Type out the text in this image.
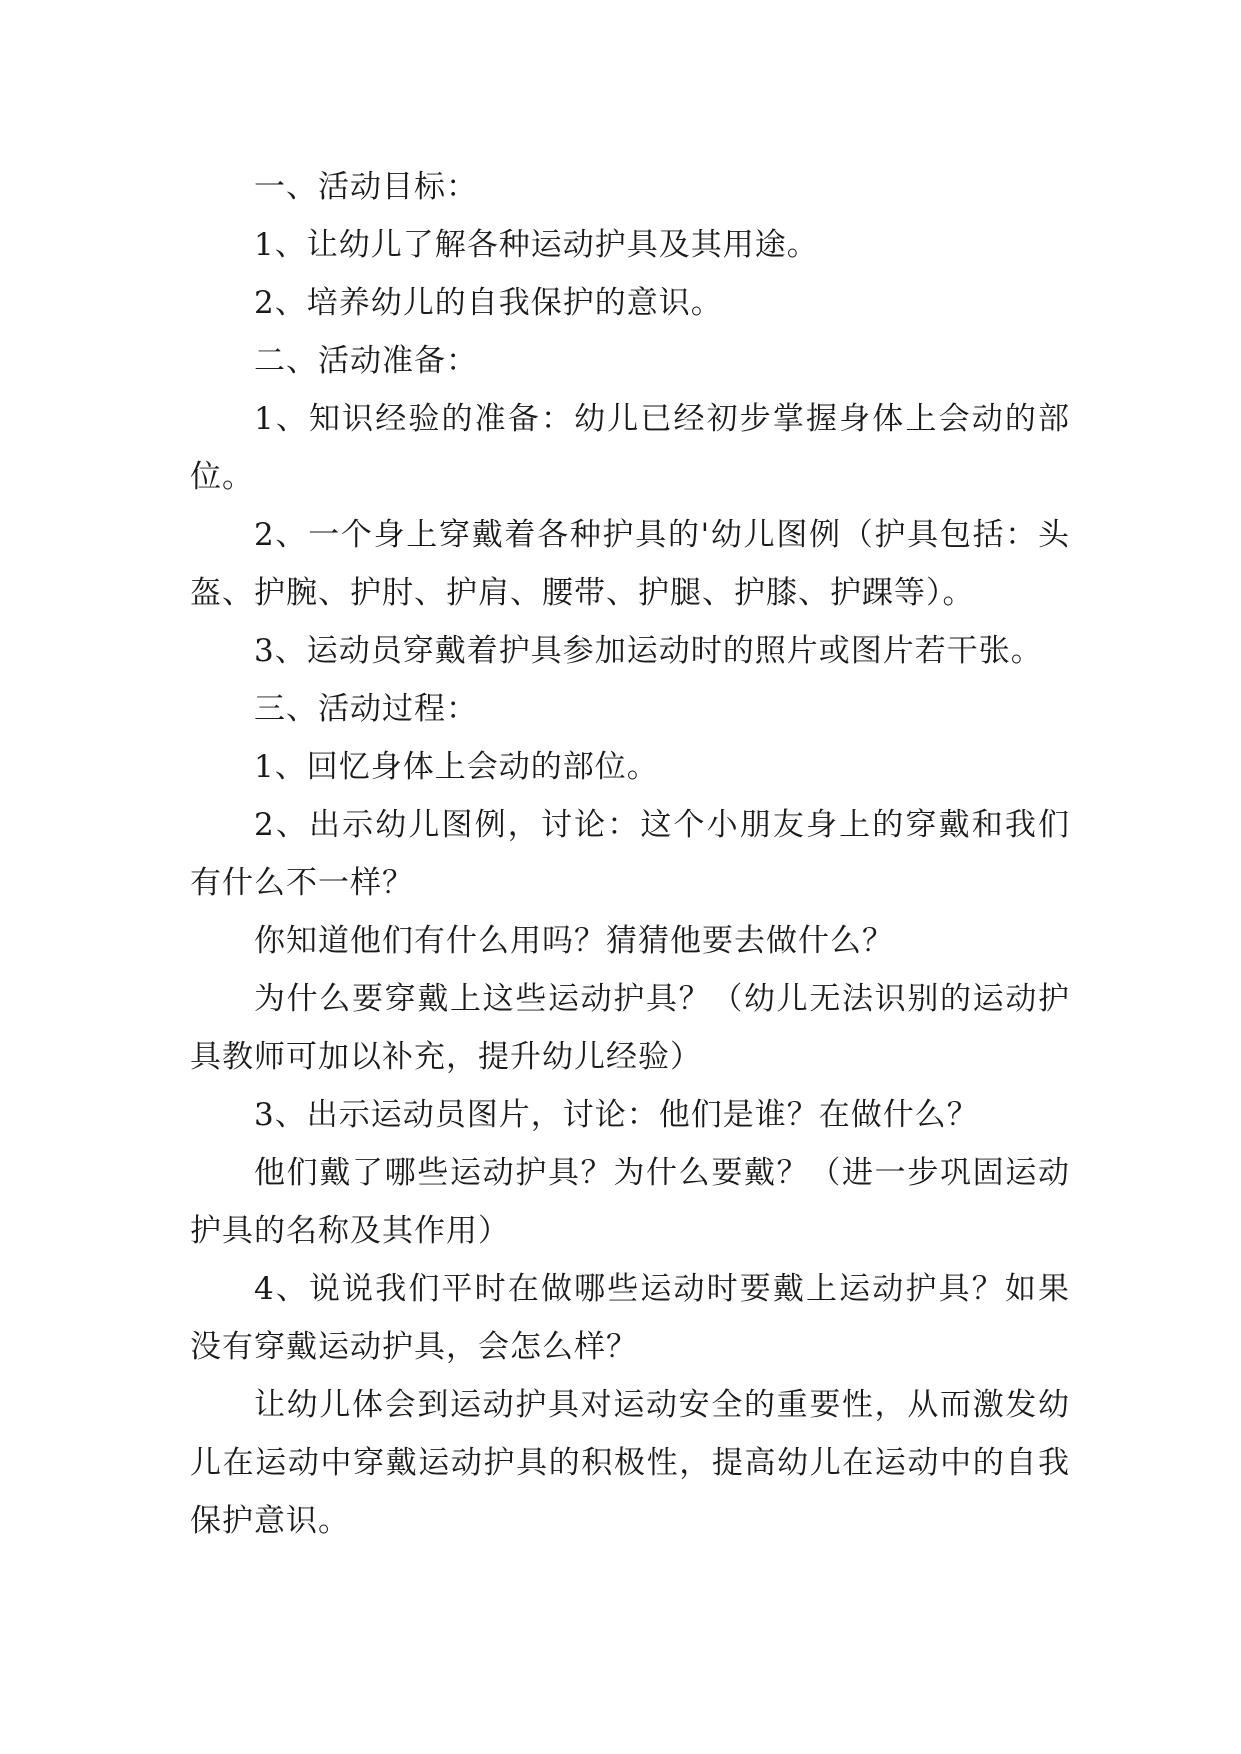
一、活动目标：

1、让幼儿了解各种运动护具及其用途。

2、培养幼儿的自我保护的意识。

二、活动准备：

1、知识经验的准备：幼儿已经初步掌握身体上会动的部位。

2、一个身上穿戴着各种护具的'幼儿图例（护具包括：头盔、护腕、护肘、护肩、腰带、护腿、护膝、护踝等）。

3、运动员穿戴着护具参加运动时的照片或图片若干张。

三、活动过程：

1、回忆身体上会动的部位。

2、出示幼儿图例，讨论：这个小朋友身上的穿戴和我们有什么不一样？

你知道他们有什么用吗？猜猜他要去做什么？

为什么要穿戴上这些运动护具？（幼儿无法识别的运动护具教师可加以补充，提升幼儿经验）

3、出示运动员图片，讨论：他们是谁？在做什么？

他们戴了哪些运动护具？为什么要戴？（进一步巩固运动护具的名称及其作用）

4、说说我们平时在做哪些运动时要戴上运动护具？如果没有穿戴运动护具，会怎么样？

让幼儿体会到运动护具对运动安全的重要性，从而激发幼儿在运动中穿戴运动护具的积极性，提高幼儿在运动中的自我保护意识。
